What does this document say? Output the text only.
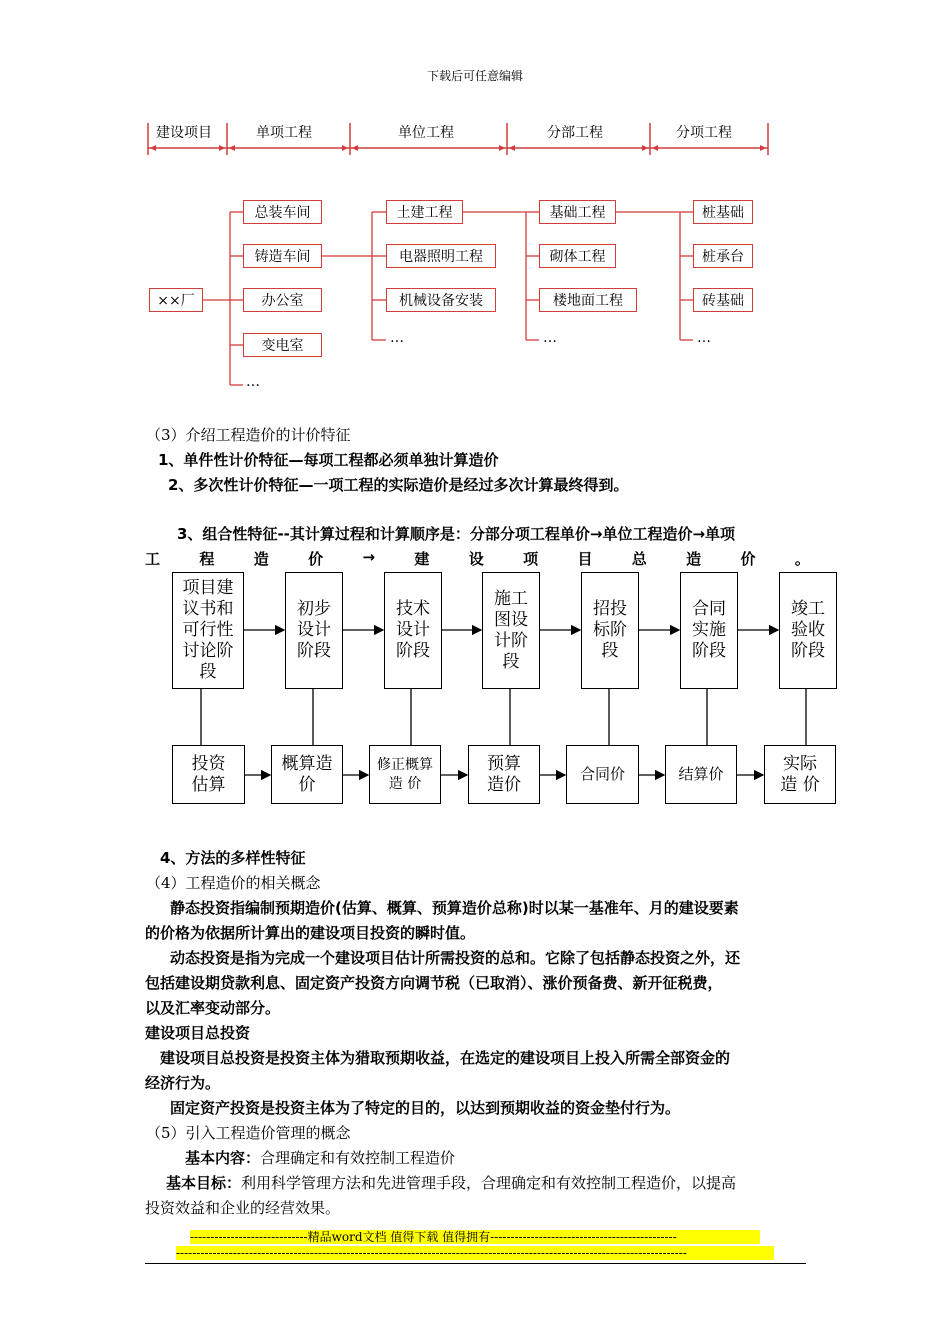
下载后可任意编辑
建设项目	单项工程	单位工程	分部工程	分项工程
××厂
总装车间
铸造车间
办公室
变电室
…
土建工程
电器照明工程
机械设备安装
…
基础工程
砌体工程
楼地面工程
…
桩基础
桩承台
砖基础
…
（3）介绍工程造价的计价特征
1、单件性计价特征—每项工程都必须单独计算造价
2、多次性计价特征—一项工程的实际造价是经过多次计算最终得到。
3、组合性特征--其计算过程和计算顺序是：分部分项工程单价→单位工程造价→单项
工	程	造	价	→	建	设	项	目	总	造	价	。
项目建
议书和
可行性
讨论阶
段
初步
设计
阶段
技术
设计
阶段
施工
图设
计阶
段
招投
标阶
段
合同
实施
阶段
竣工
验收
阶段
投资
估算
概算造
价
修正概算
造 价
预算
造价
合同价	结算价
实际
造 价
4、方法的多样性特征
（4）工程造价的相关概念
静态投资指编制预期造价(估算、概算、预算造价总称)时以某一基准年、月的建设要素
的价格为依据所计算出的建设项目投资的瞬时值。
动态投资是指为完成一个建设项目估计所需投资的总和。它除了包括静态投资之外，还
包括建设期贷款利息、固定资产投资方向调节税（已取消）、涨价预备费、新开征税费，
以及汇率变动部分。
建设项目总投资
建设项目总投资是投资主体为猎取预期收益，在选定的建设项目上投入所需全部资金的
经济行为。
固定资产投资是投资主体为了特定的目的，以达到预期收益的资金垫付行为。
（5）引入工程造价管理的概念
基本内容：合理确定和有效控制工程造价
基本目标：利用科学管理方法和先进管理手段，合理确定和有效控制工程造价，以提高
投资效益和企业的经营效果。
-----------------------------精品word文档 值得下载 值得拥有----------------------------------------------
------------------------------------------------------------------------------------------------------------------------------
